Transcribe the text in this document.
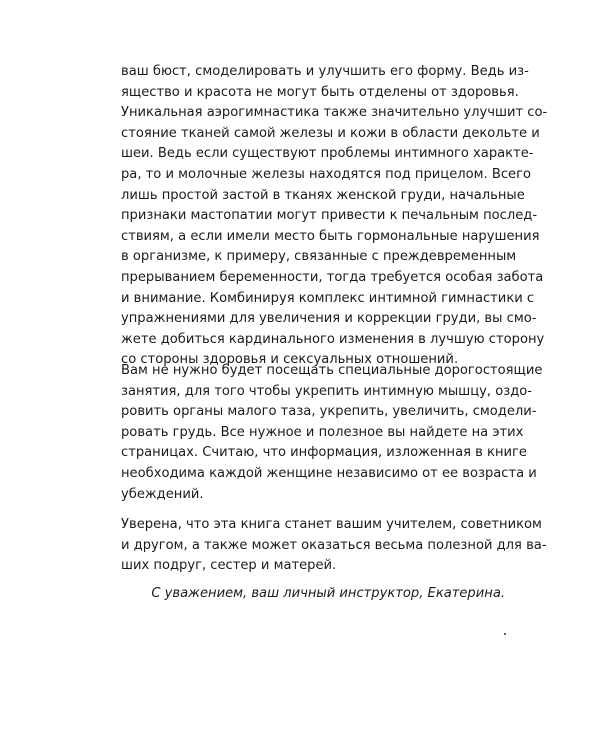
ваш бюст, смоделировать и улучшить его форму. Ведь из-
ящество и красота не могут быть отделены от здоровья.
Уникальная аэрогимнастика также значительно улучшит со-
стояние тканей самой железы и кожи в области декольте и
шеи. Ведь если существуют проблемы интимного характе-
ра, то и молочные железы находятся под прицелом. Всего
лишь простой застой в тканях женской груди, начальные
признаки мастопатии могут привести к печальным послед-
ствиям, а если имели место быть гормональные нарушения
в организме, к примеру, связанные с преждевременным
прерыванием беременности, тогда требуется особая забота
и внимание. Комбинируя комплекс интимной гимнастики с
упражнениями для увеличения и коррекции груди, вы смо-
жете добиться кардинального изменения в лучшую сторону
со стороны здоровья и сексуальных отношений.
Вам не нужно будет посещать специальные дорогостоящие
занятия, для того чтобы укрепить интимную мышцу, оздо-
ровить органы малого таза, укрепить, увеличить, смодели-
ровать грудь. Все нужное и полезное вы найдете на этих
страницах. Считаю, что информация, изложенная в книге
необходима каждой женщине независимо от ее возраста и
убеждений.
Уверена, что эта книга станет вашим учителем, советником
и другом, а также может оказаться весьма полезной для ва-
ших подруг, сестер и матерей.
С уважением, ваш личный инструктор, Екатерина.
